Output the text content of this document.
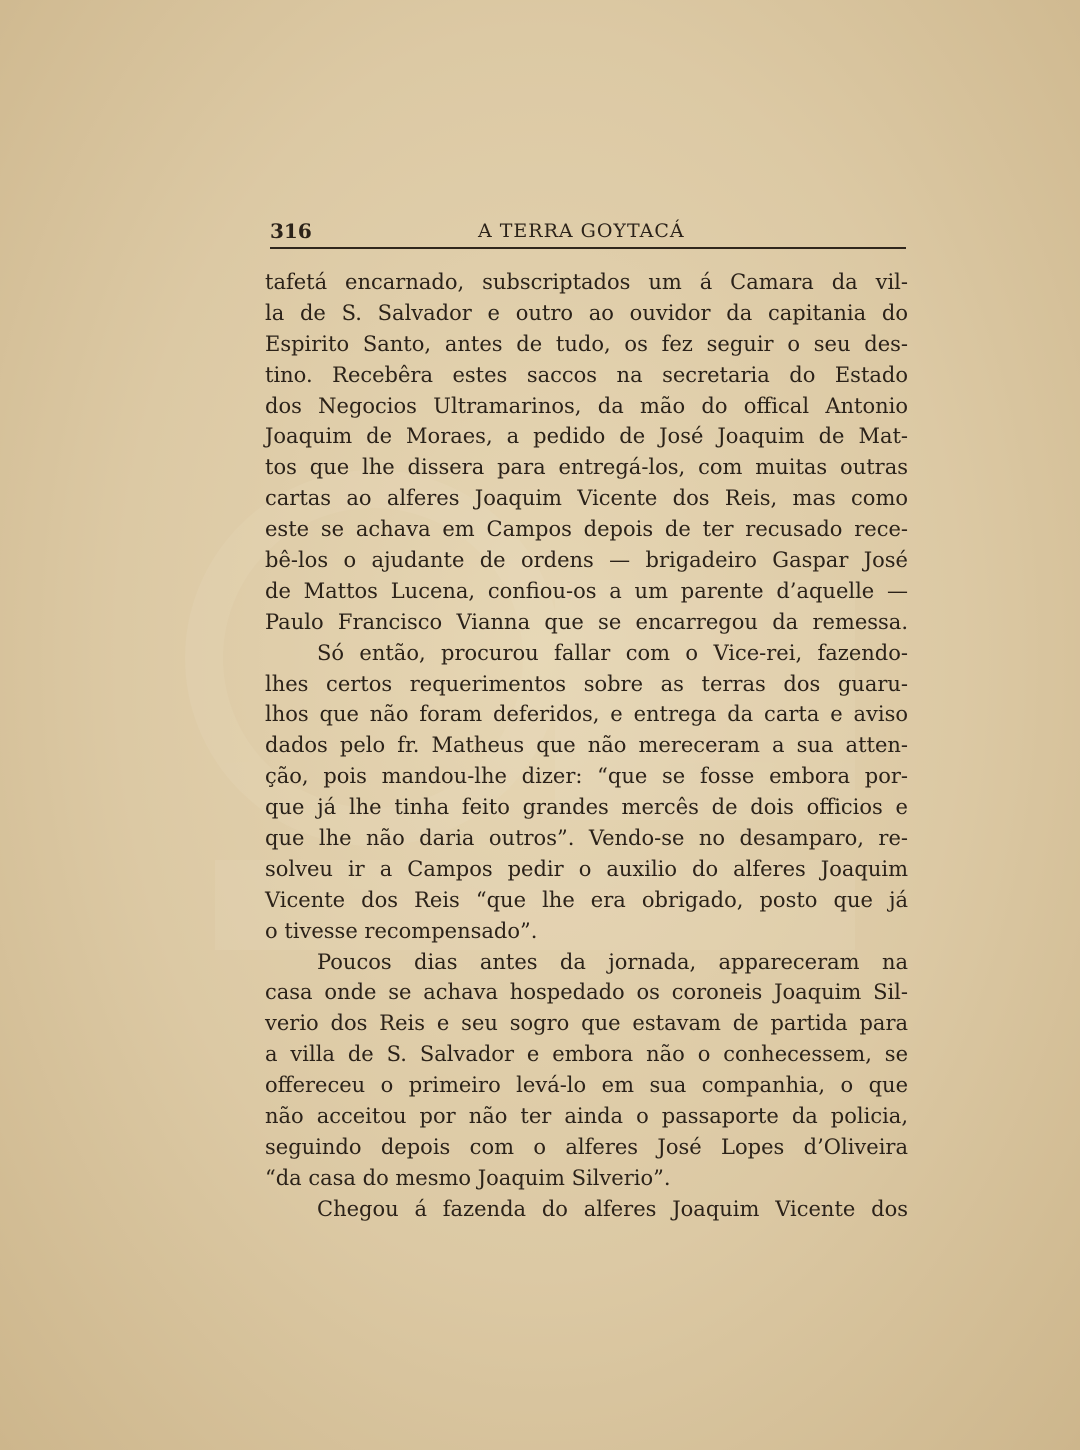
316	A TERRA GOYTACÁ
tafetá encarnado, subscriptados um á Camara da vil-
la de S. Salvador e outro ao ouvidor da capitania do
Espirito Santo, antes de tudo, os fez seguir o seu des-
tino. Recebêra estes saccos na secretaria do Estado
dos Negocios Ultramarinos, da mão do offical Antonio
Joaquim de Moraes, a pedido de José Joaquim de Mat-
tos que lhe dissera para entregá-los, com muitas outras
cartas ao alferes Joaquim Vicente dos Reis, mas como
este se achava em Campos depois de ter recusado rece-
bê-los o ajudante de ordens — brigadeiro Gaspar José
de Mattos Lucena, confiou-os a um parente d’aquelle —
Paulo Francisco Vianna que se encarregou da remessa.
Só então, procurou fallar com o Vice-rei, fazendo-
lhes certos requerimentos sobre as terras dos guaru-
lhos que não foram deferidos, e entrega da carta e aviso
dados pelo fr. Matheus que não mereceram a sua atten-
ção, pois mandou-lhe dizer: “que se fosse embora por-
que já lhe tinha feito grandes mercês de dois officios e
que lhe não daria outros”. Vendo-se no desamparo, re-
solveu ir a Campos pedir o auxilio do alferes Joaquim
Vicente dos Reis “que lhe era obrigado, posto que já
o tivesse recompensado”.
Poucos dias antes da jornada, appareceram na
casa onde se achava hospedado os coroneis Joaquim Sil-
verio dos Reis e seu sogro que estavam de partida para
a villa de S. Salvador e embora não o conhecessem, se
offereceu o primeiro levá-lo em sua companhia, o que
não acceitou por não ter ainda o passaporte da policia,
seguindo depois com o alferes José Lopes d’Oliveira
“da casa do mesmo Joaquim Silverio”.
Chegou á fazenda do alferes Joaquim Vicente dos
